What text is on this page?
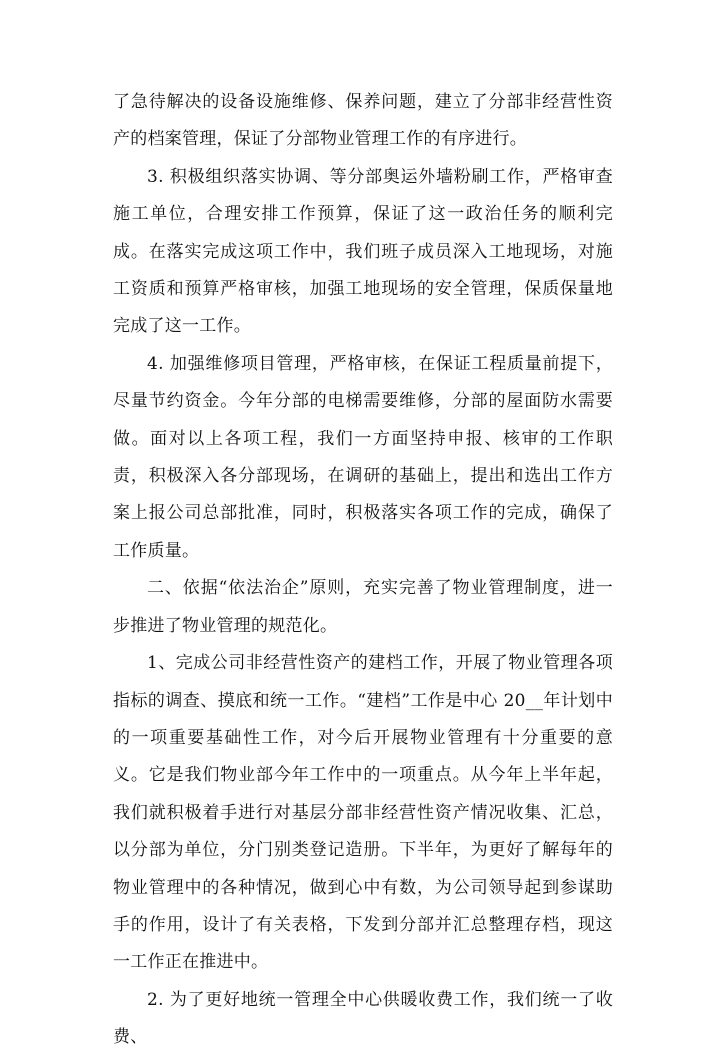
了急待解决的设备设施维修、保养问题，建立了分部非经营性资产的档案管理，保证了分部物业管理工作的有序进行。

3. 积极组织落实协调、等分部奥运外墙粉刷工作，严格审查施工单位，合理安排工作预算，保证了这一政治任务的顺利完成。在落实完成这项工作中，我们班子成员深入工地现场，对施工资质和预算严格审核，加强工地现场的安全管理，保质保量地完成了这一工作。

4. 加强维修项目管理，严格审核，在保证工程质量前提下，尽量节约资金。今年分部的电梯需要维修，分部的屋面防水需要做。面对以上各项工程，我们一方面坚持申报、核审的工作职责，积极深入各分部现场，在调研的基础上，提出和选出工作方案上报公司总部批准，同时，积极落实各项工作的完成，确保了工作质量。

二、依据“依法治企”原则，充实完善了物业管理制度，进一步推进了物业管理的规范化。

1、完成公司非经营性资产的建档工作，开展了物业管理各项指标的调查、摸底和统一工作。“建档”工作是中心 20__年计划中的一项重要基础性工作，对今后开展物业管理有十分重要的意义。它是我们物业部今年工作中的一项重点。从今年上半年起，我们就积极着手进行对基层分部非经营性资产情况收集、汇总，以分部为单位，分门别类登记造册。下半年，为更好了解每年的物业管理中的各种情况，做到心中有数，为公司领导起到参谋助手的作用，设计了有关表格，下发到分部并汇总整理存档，现这一工作正在推进中。

2. 为了更好地统一管理全中心供暖收费工作，我们统一了收费、
